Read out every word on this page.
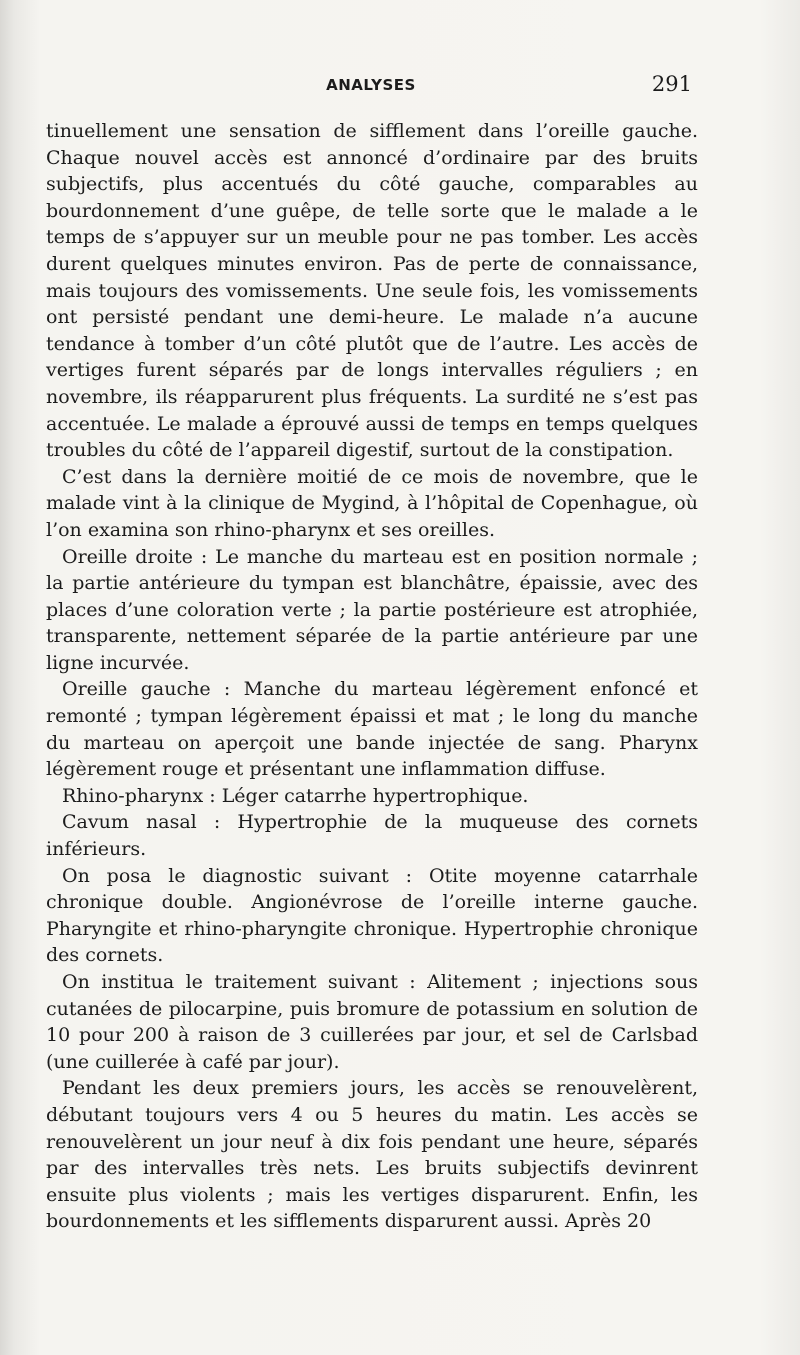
ANALYSES	291

tinuellement une sensation de sifflement dans l’oreille gauche. Chaque nouvel accès est annoncé d’ordinaire par des bruits subjectifs, plus accentués du côté gauche, comparables au bourdonnement d’une guêpe, de telle sorte que le malade a le temps de s’appuyer sur un meuble pour ne pas tomber. Les accès durent quelques minutes environ. Pas de perte de connaissance, mais toujours des vomissements. Une seule fois, les vomissements ont persisté pendant une demi-heure. Le malade n’a aucune tendance à tomber d’un côté plutôt que de l’autre. Les accès de vertiges furent séparés par de longs intervalles réguliers ; en novembre, ils réapparurent plus fréquents. La surdité ne s’est pas accentuée. Le malade a éprouvé aussi de temps en temps quelques troubles du côté de l’appareil digestif, surtout de la constipation.

C’est dans la dernière moitié de ce mois de novembre, que le malade vint à la clinique de Mygind, à l’hôpital de Copenhague, où l’on examina son rhino-pharynx et ses oreilles.

Oreille droite : Le manche du marteau est en position normale ; la partie antérieure du tympan est blanchâtre, épaissie, avec des places d’une coloration verte ; la partie postérieure est atrophiée, transparente, nettement séparée de la partie antérieure par une ligne incurvée.

Oreille gauche : Manche du marteau légèrement enfoncé et remonté ; tympan légèrement épaissi et mat ; le long du manche du marteau on aperçoit une bande injectée de sang. Pharynx légèrement rouge et présentant une inflammation diffuse.

Rhino-pharynx : Léger catarrhe hypertrophique.

Cavum nasal : Hypertrophie de la muqueuse des cornets inférieurs.

On posa le diagnostic suivant : Otite moyenne catarrhale chronique double. Angionévrose de l’oreille interne gauche. Pharyngite et rhino-pharyngite chronique. Hypertrophie chronique des cornets.

On institua le traitement suivant : Alitement ; injections sous cutanées de pilocarpine, puis bromure de potassium en solution de 10 pour 200 à raison de 3 cuillerées par jour, et sel de Carlsbad (une cuillerée à café par jour).

Pendant les deux premiers jours, les accès se renouvelèrent, débutant toujours vers 4 ou 5 heures du matin. Les accès se renouvelèrent un jour neuf à dix fois pendant une heure, séparés par des intervalles très nets. Les bruits subjectifs devinrent ensuite plus violents ; mais les vertiges disparurent. Enfin, les bourdonnements et les sifflements disparurent aussi. Après 20
